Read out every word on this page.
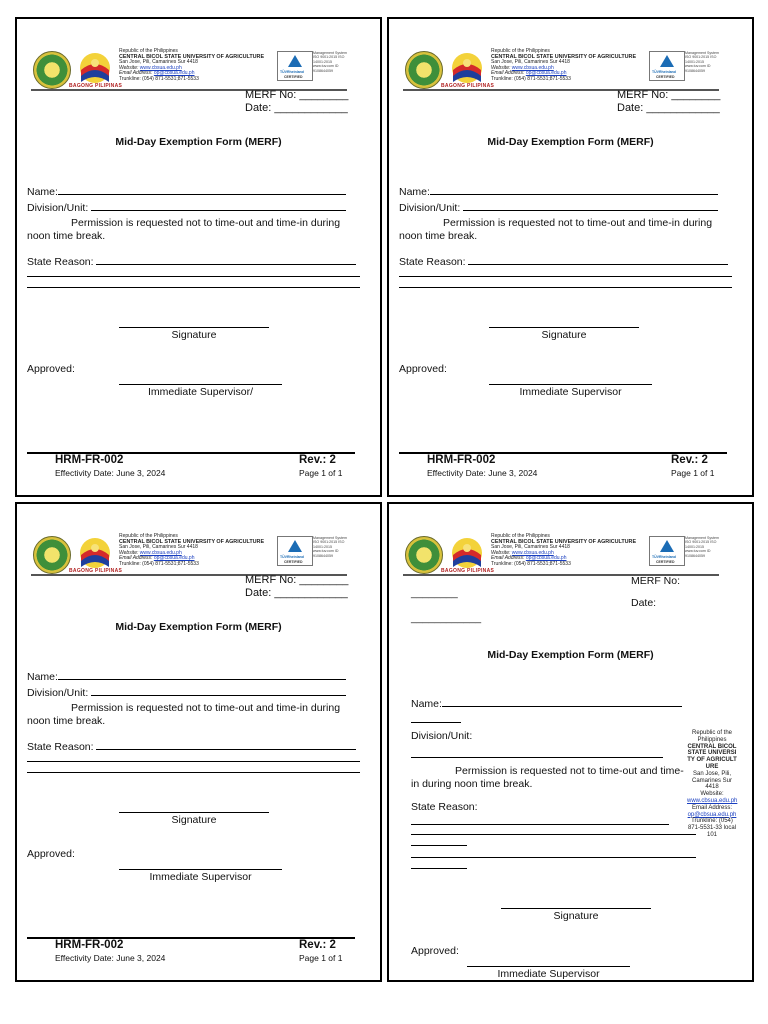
BAGONG PILIPINAS
Republic of the Philippines
CENTRAL BICOL STATE UNIVERSITY OF AGRICULTURE
San Jose, Pili, Camarines Sur 4418
Website: www.cbsua.edu.ph
Email Address: op@cbsua.edu.ph
Trunkline: (054) 871-5531;871-5533
TÜVRheinland
CERTIFIED
Management System ISO 9001:2015 ISO 14001:2015
www.tuv.com ID 9108644059
MERF No: ________
Date: ____________
Mid-Day Exemption Form (MERF)
Name:
Division/Unit:
Permission is requested not to time-out and time-in during noon time break.
State Reason:
Signature
Approved:
Immediate Supervisor/
HRM-FR-002	Rev.: 2
Effectivity Date: June 3, 2024	Page 1 of 1
BAGONG PILIPINAS
Republic of the Philippines
CENTRAL BICOL STATE UNIVERSITY OF AGRICULTURE
San Jose, Pili, Camarines Sur 4418
Website: www.cbsua.edu.ph
Email Address: op@cbsua.edu.ph
Trunkline: (054) 871-5531;871-5533
TÜVRheinland
CERTIFIED
Management System ISO 9001:2015 ISO 14001:2015
www.tuv.com ID 9108644059
MERF No: ________
Date: ____________
Mid-Day Exemption Form (MERF)
Name:
Division/Unit:
Permission is requested not to time-out and time-in during noon time break.
State Reason:
Signature
Approved:
Immediate Supervisor
HRM-FR-002	Rev.: 2
Effectivity Date: June 3, 2024	Page 1 of 1
BAGONG PILIPINAS
Republic of the Philippines
CENTRAL BICOL STATE UNIVERSITY OF AGRICULTURE
San Jose, Pili, Camarines Sur 4418
Website: www.cbsua.edu.ph
Email Address: op@cbsua.edu.ph
Trunkline: (054) 871-5531;871-5533
TÜVRheinland
CERTIFIED
Management System ISO 9001:2015 ISO 14001:2015
www.tuv.com ID 9108644059
MERF No: ________
Date: ____________
Mid-Day Exemption Form (MERF)
Name:
Division/Unit:
Permission is requested not to time-out and time-in during noon time break.
State Reason:
Signature
Approved:
Immediate Supervisor
HRM-FR-002	Rev.: 2
Effectivity Date: June 3, 2024	Page 1 of 1
BAGONG PILIPINAS
Republic of the Philippines
CENTRAL BICOL STATE UNIVERSITY OF AGRICULTURE
San Jose, Pili, Camarines Sur 4418
Website: www.cbsua.edu.ph
Email Address: op@cbsua.edu.ph
Trunkline: (054) 871-5531;871-5533
TÜVRheinland
CERTIFIED
Management System ISO 9001:2015 ISO 14001:2015
www.tuv.com ID 9108644059
MERF No:
________
Date:
____________
Mid-Day Exemption Form (MERF)
Name:
Division/Unit:
Permission is requested not to time-out and time-in during noon time break.
State Reason:
Republic of the Philippines
CENTRAL BICOL STATE UNIVERSI TY OF AGRICULT URE
San Jose, Pili, Camarines Sur 4418
Website:
www.cbsua.edu.ph
Email Address:
op@cbsua.edu.ph
Trunkline: (054) 871-5531-33 local 101
Signature
Approved:
Immediate Supervisor
